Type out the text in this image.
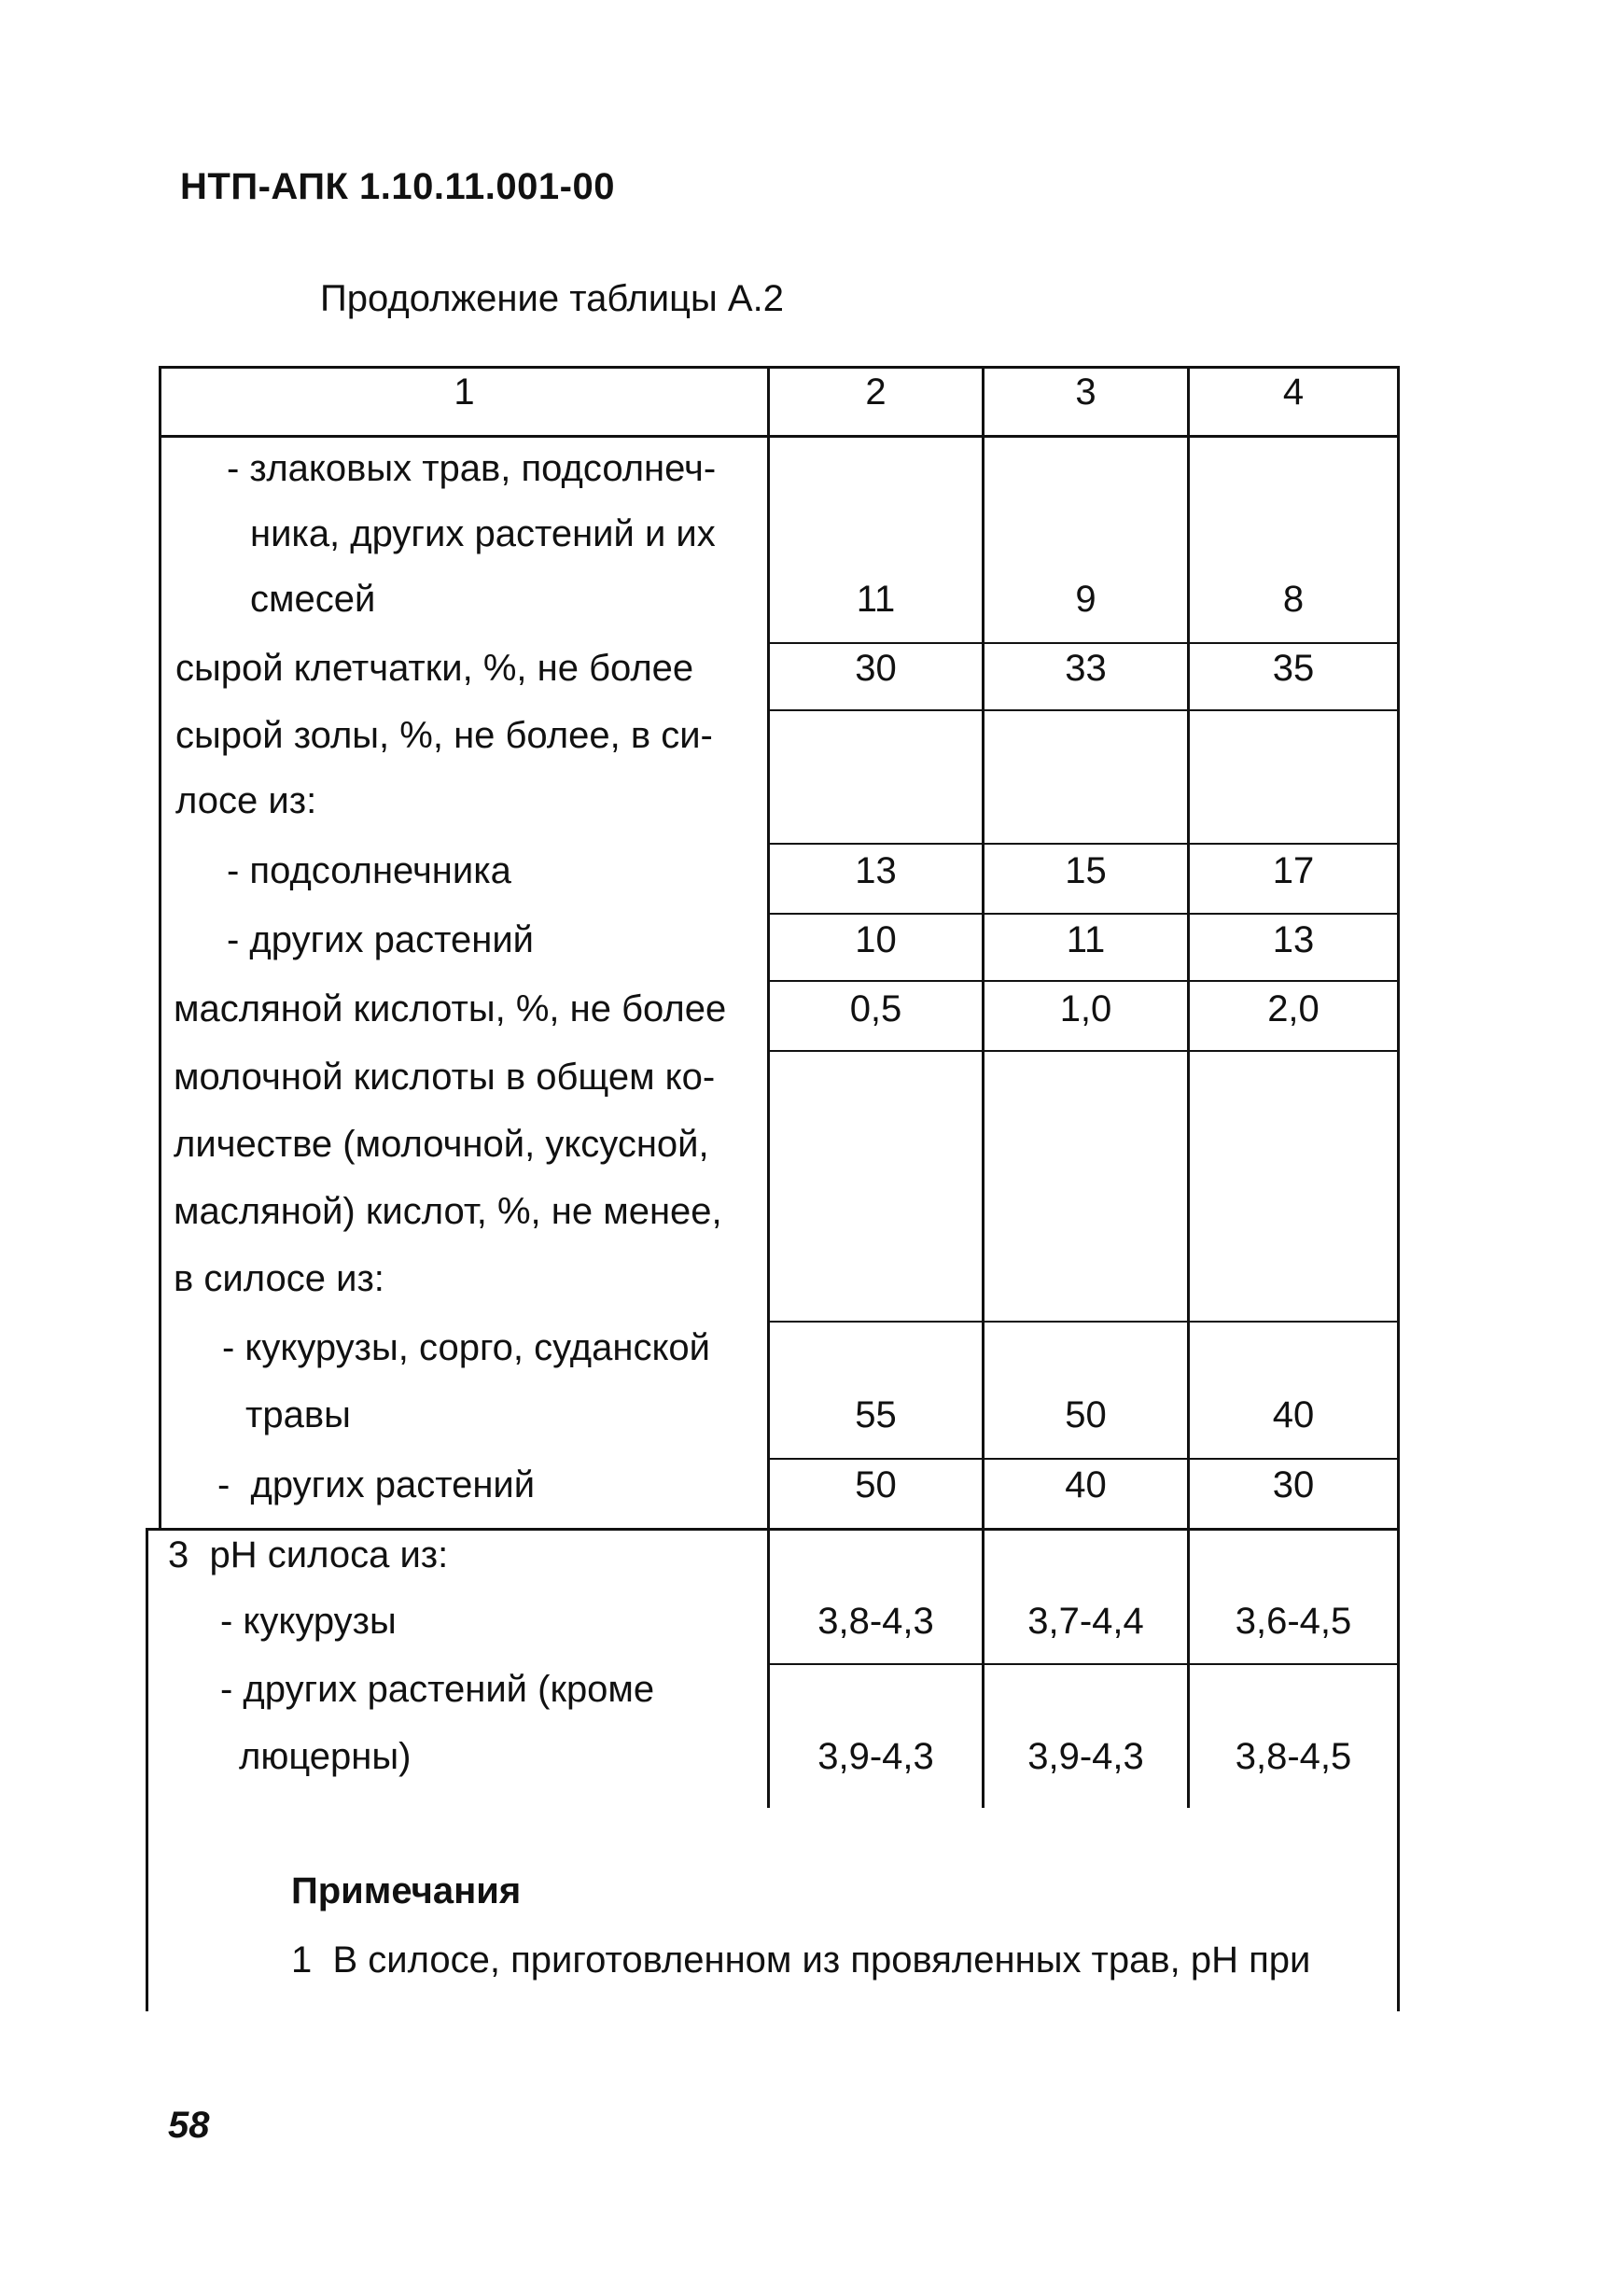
НТП-АПК 1.10.11.001-00
Продолжение таблицы А.2
1	2	3	4
- злаковых трав, подсолнеч-
ника, других растений и их
смесей	11	9	8
сырой клетчатки, %, не более	30	33	35
сырой золы, %, не более, в си-
лосе из:
- подсолнечника	13	15	17
- других растений	10	11	13
масляной кислоты, %, не более	0,5	1,0	2,0
молочной кислоты в общем ко-
личестве (молочной, уксусной,
масляной) кислот, %, не менее,
в силосе из:
- кукурузы, сорго, суданской
травы	55	50	40
-  других растений	50	40	30
3  pH силоса из:
- кукурузы	3,8-4,3	3,7-4,4	3,6-4,5
- других растений (кроме
люцерны)	3,9-4,3	3,9-4,3	3,8-4,5
Примечания
1  В силосе, приготовленном из провяленных трав, pH при
58
